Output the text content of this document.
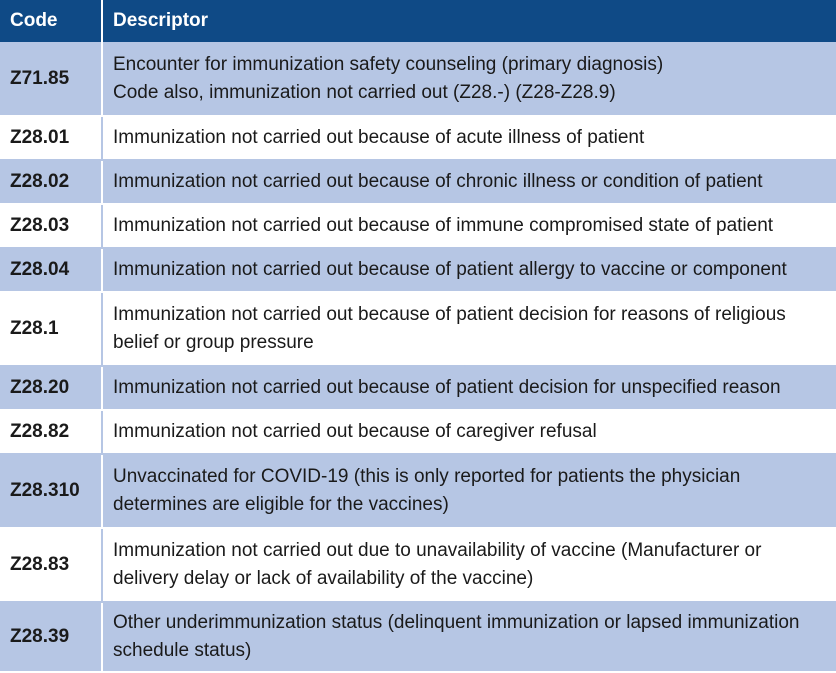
Code	Descriptor
Z71.85	Encounter for immunization safety counseling (primary diagnosis)
Code also, immunization not carried out (Z28.-) (Z28-Z28.9)

Z28.01	Immunization not carried out because of acute illness of patient

Z28.02	Immunization not carried out because of chronic illness or condition of patient

Z28.03	Immunization not carried out because of immune compromised state of patient

Z28.04	Immunization not carried out because of patient allergy to vaccine or component

Z28.1	Immunization not carried out because of patient decision for reasons of religious belief or group pressure

Z28.20	Immunization not carried out because of patient decision for unspecified reason

Z28.82	Immunization not carried out because of caregiver refusal

Z28.310	Unvaccinated for COVID-19 (this is only reported for patients the physician determines are eligible for the vaccines)

Z28.83	Immunization not carried out due to unavailability of vaccine (Manufacturer or delivery delay or lack of availability of the vaccine)

Z28.39	Other underimmunization status (delinquent immunization or lapsed immunization schedule status)
